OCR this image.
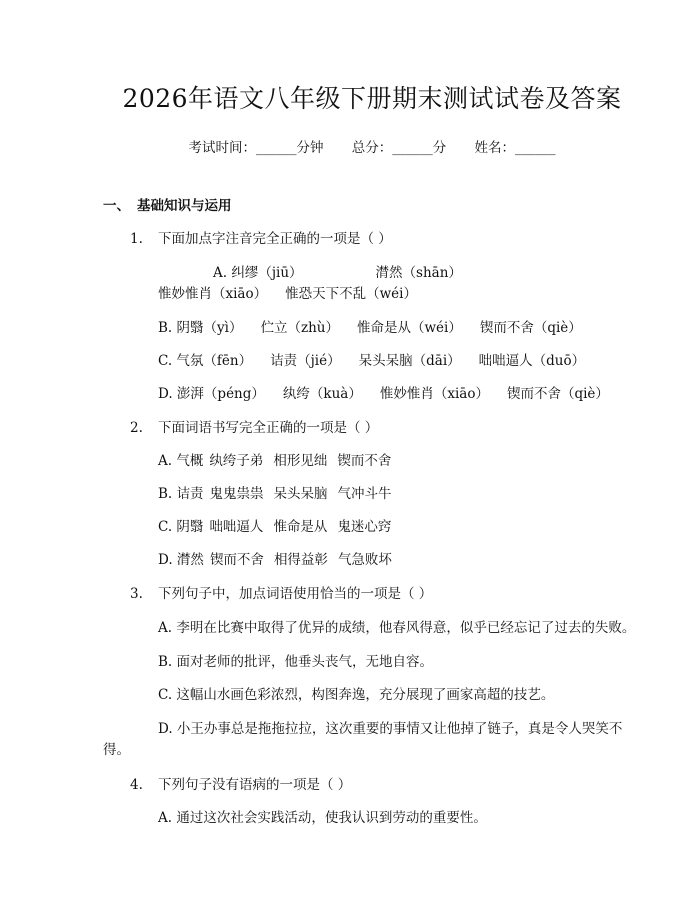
2026年语文八年级下册期末测试试卷及答案
考试时间：______分钟 总分：______分 姓名：______
一、 基础知识与运用
1. 下面加点字注音完全正确的一项是（ ）
A. 纠缪（jiū）	潸然（shān）惟妙惟肖（xiāo） 惟恐天下不乱（wéi）
B. 阴翳（yì） 伫立（zhù） 惟命是从（wéi） 锲而不舍（qiè）
C. 气氛（fēn） 诘责（jié） 呆头呆脑（dāi） 咄咄逼人（duō）
D. 澎湃（péng） 纨绔（kuà） 惟妙惟肖（xiāo） 锲而不舍（qiè）
2. 下面词语书写完全正确的一项是（ ）
A. 气概 纨绔子弟 相形见绌 锲而不舍
B. 诘责 鬼鬼祟祟 呆头呆脑 气冲斗牛
C. 阴翳 咄咄逼人 惟命是从 鬼迷心窍
D. 潸然 锲而不舍 相得益彰 气急败坏
3. 下列句子中，加点词语使用恰当的一项是（ ）
A. 李明在比赛中取得了优异的成绩，他春风得意，似乎已经忘记了过去的失败。
B. 面对老师的批评，他垂头丧气，无地自容。
C. 这幅山水画色彩浓烈，构图奔逸，充分展现了画家高超的技艺。
D. 小王办事总是拖拖拉拉，这次重要的事情又让他掉了链子，真是令人哭笑不得。
4. 下列句子没有语病的一项是（ ）
A. 通过这次社会实践活动，使我认识到劳动的重要性。
